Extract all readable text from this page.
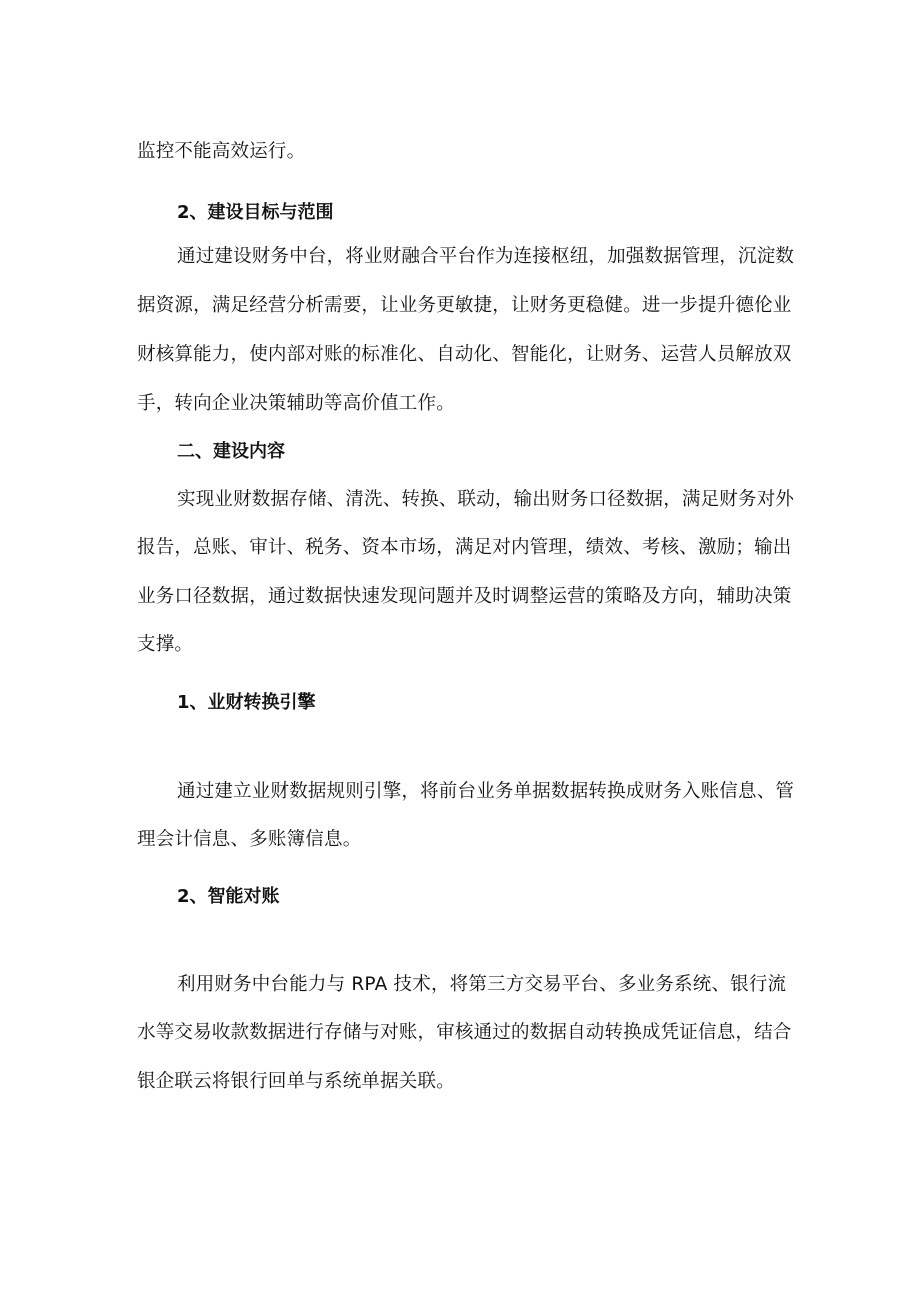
监控不能高效运行。
2、建设目标与范围
通过建设财务中台，将业财融合平台作为连接枢纽，加强数据管理，沉淀数
据资源，满足经营分析需要，让业务更敏捷，让财务更稳健。进一步提升德伦业
财核算能力，使内部对账的标准化、自动化、智能化，让财务、运营人员解放双
手，转向企业决策辅助等高价值工作。
二、建设内容
实现业财数据存储、清洗、转换、联动，输出财务口径数据，满足财务对外
报告，总账、审计、税务、资本市场，满足对内管理，绩效、考核、激励；输出
业务口径数据，通过数据快速发现问题并及时调整运营的策略及方向，辅助决策
支撑。
1、业财转换引擎
通过建立业财数据规则引擎，将前台业务单据数据转换成财务入账信息、管
理会计信息、多账簿信息。
2、智能对账
利用财务中台能力与 RPA 技术，将第三方交易平台、多业务系统、银行流
水等交易收款数据进行存储与对账，审核通过的数据自动转换成凭证信息，结合
银企联云将银行回单与系统单据关联。
